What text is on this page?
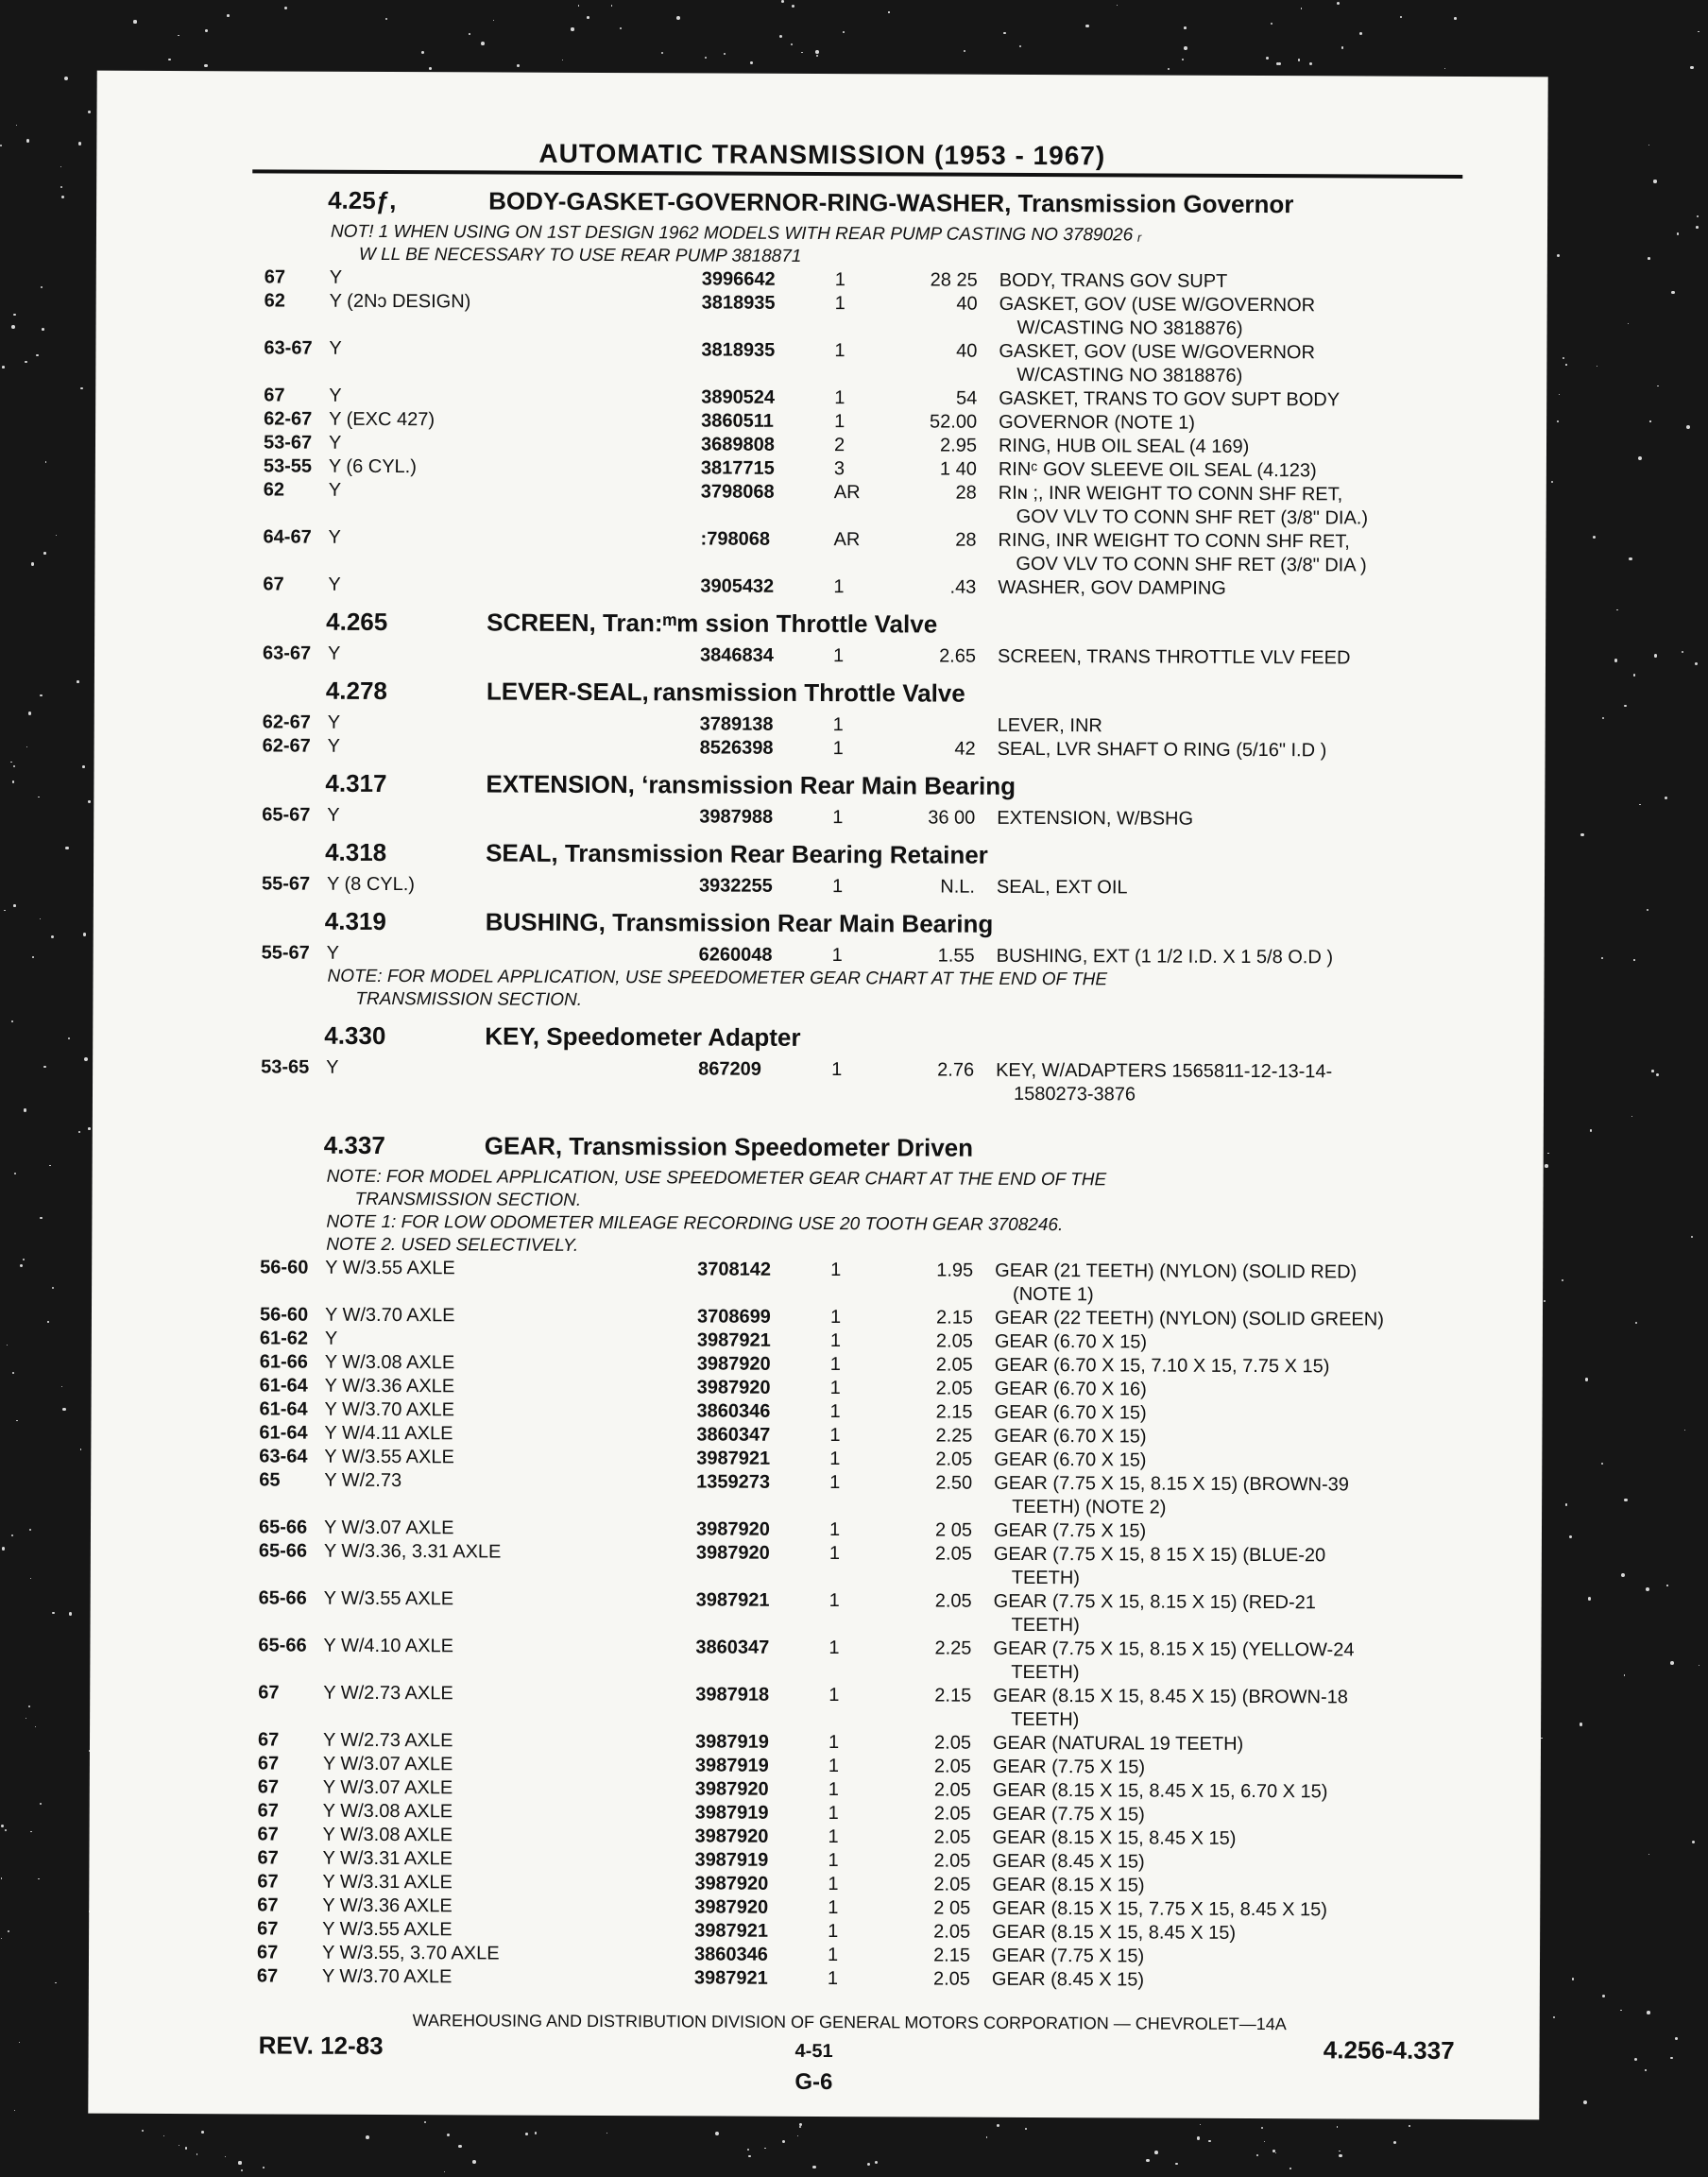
AUTOMATIC TRANSMISSION (1953 - 1967)
4.25ƒ,	BODY-GASKET-GOVERNOR-RING-WASHER, Transmission Governor
NOT! 1 WHEN USING ON 1ST DESIGN 1962 MODELS WITH REAR PUMP CASTING NO 3789026 ᵣ
W LL BE NECESSARY TO USE REAR PUMP 3818871
67 Y	3996642	1	28 25 BODY, TRANS GOV SUPT
62 Y (2Nɔ DESIGN)	3818935	1	40 GASKET, GOV (USE W/GOVERNOR
W/CASTING NO 3818876)
63-67 Y	3818935	1	40 GASKET, GOV (USE W/GOVERNOR
W/CASTING NO 3818876)
67 Y	3890524	1	54 GASKET, TRANS TO GOV SUPT BODY
62-67 Y (EXC 427)	3860511	1	52.00 GOVERNOR (NOTE 1)
53-67 Y	3689808	2	2.95 RING, HUB OIL SEAL (4 169)
53-55 Y (6 CYL.)	3817715	3	1 40 RINᶜ GOV SLEEVE OIL SEAL (4.123)
62 Y	3798068	AR	28 RIɴ ;, INR WEIGHT TO CONN SHF RET,
GOV VLV TO CONN SHF RET (3/8" DIA.)
64-67 Y	:798068	AR	28 RING, INR WEIGHT TO CONN SHF RET,
GOV VLV TO CONN SHF RET (3/8" DIA )
67 Y	3905432	1	.43 WASHER, GOV DAMPING
4.265	SCREEN, Tran:ᵐm ssion Throttle Valve
63-67 Y	3846834	1	2.65 SCREEN, TRANS THROTTLE VLV FEED
4.278	LEVER-SEAL, ransmission Throttle Valve
62-67 Y	3789138	1	LEVER, INR
62-67 Y	8526398	1	42 SEAL, LVR SHAFT O RING (5/16" I.D )
4.317	EXTENSION, ‘ransmission Rear Main Bearing
65-67 Y	3987988	1	36 00 EXTENSION, W/BSHG
4.318	SEAL, Transmission Rear Bearing Retainer
55-67 Y (8 CYL.)	3932255	1	N.L. SEAL, EXT OIL
4.319	BUSHING, Transmission Rear Main Bearing
55-67 Y	6260048	1	1.55 BUSHING, EXT (1 1/2 I.D. X 1 5/8 O.D )
NOTE: FOR MODEL APPLICATION, USE SPEEDOMETER GEAR CHART AT THE END OF THE
TRANSMISSION SECTION.
4.330	KEY, Speedometer Adapter
53-65 Y	867209	1	2.76 KEY, W/ADAPTERS 1565811-12-13-14-
1580273-3876
4.337	GEAR, Transmission Speedometer Driven
NOTE: FOR MODEL APPLICATION, USE SPEEDOMETER GEAR CHART AT THE END OF THE
TRANSMISSION SECTION.
NOTE 1: FOR LOW ODOMETER MILEAGE RECORDING USE 20 TOOTH GEAR 3708246.
NOTE 2. USED SELECTIVELY.
56-60 Y W/3.55 AXLE	3708142	1	1.95 GEAR (21 TEETH) (NYLON) (SOLID RED)
(NOTE 1)
56-60 Y W/3.70 AXLE	3708699	1	2.15 GEAR (22 TEETH) (NYLON) (SOLID GREEN)
61-62 Y	3987921	1	2.05 GEAR (6.70 X 15)
61-66 Y W/3.08 AXLE	3987920	1	2.05 GEAR (6.70 X 15, 7.10 X 15, 7.75 X 15)
61-64 Y W/3.36 AXLE	3987920	1	2.05 GEAR (6.70 X 16)
61-64 Y W/3.70 AXLE	3860346	1	2.15 GEAR (6.70 X 15)
61-64 Y W/4.11 AXLE	3860347	1	2.25 GEAR (6.70 X 15)
63-64 Y W/3.55 AXLE	3987921	1	2.05 GEAR (6.70 X 15)
65 Y W/2.73	1359273	1	2.50 GEAR (7.75 X 15, 8.15 X 15) (BROWN-39
TEETH) (NOTE 2)
65-66 Y W/3.07 AXLE	3987920	1	2 05 GEAR (7.75 X 15)
65-66 Y W/3.36, 3.31 AXLE	3987920	1	2.05 GEAR (7.75 X 15, 8 15 X 15) (BLUE-20
TEETH)
65-66 Y W/3.55 AXLE	3987921	1	2.05 GEAR (7.75 X 15, 8.15 X 15) (RED-21
TEETH)
65-66 Y W/4.10 AXLE	3860347	1	2.25 GEAR (7.75 X 15, 8.15 X 15) (YELLOW-24
TEETH)
67 Y W/2.73 AXLE	3987918	1	2.15 GEAR (8.15 X 15, 8.45 X 15) (BROWN-18
TEETH)
67 Y W/2.73 AXLE	3987919	1	2.05 GEAR (NATURAL 19 TEETH)
67 Y W/3.07 AXLE	3987919	1	2.05 GEAR (7.75 X 15)
67 Y W/3.07 AXLE	3987920	1	2.05 GEAR (8.15 X 15, 8.45 X 15, 6.70 X 15)
67 Y W/3.08 AXLE	3987919	1	2.05 GEAR (7.75 X 15)
67 Y W/3.08 AXLE	3987920	1	2.05 GEAR (8.15 X 15, 8.45 X 15)
67 Y W/3.31 AXLE	3987919	1	2.05 GEAR (8.45 X 15)
67 Y W/3.31 AXLE	3987920	1	2.05 GEAR (8.15 X 15)
67 Y W/3.36 AXLE	3987920	1	2 05 GEAR (8.15 X 15, 7.75 X 15, 8.45 X 15)
67 Y W/3.55 AXLE	3987921	1	2.05 GEAR (8.15 X 15, 8.45 X 15)
67 Y W/3.55, 3.70 AXLE	3860346	1	2.15 GEAR (7.75 X 15)
67 Y W/3.70 AXLE	3987921	1	2.05 GEAR (8.45 X 15)
WAREHOUSING AND DISTRIBUTION DIVISION OF GENERAL MOTORS CORPORATION — CHEVROLET—14A
REV. 12-83	4-51
G-6
4.256-4.337
